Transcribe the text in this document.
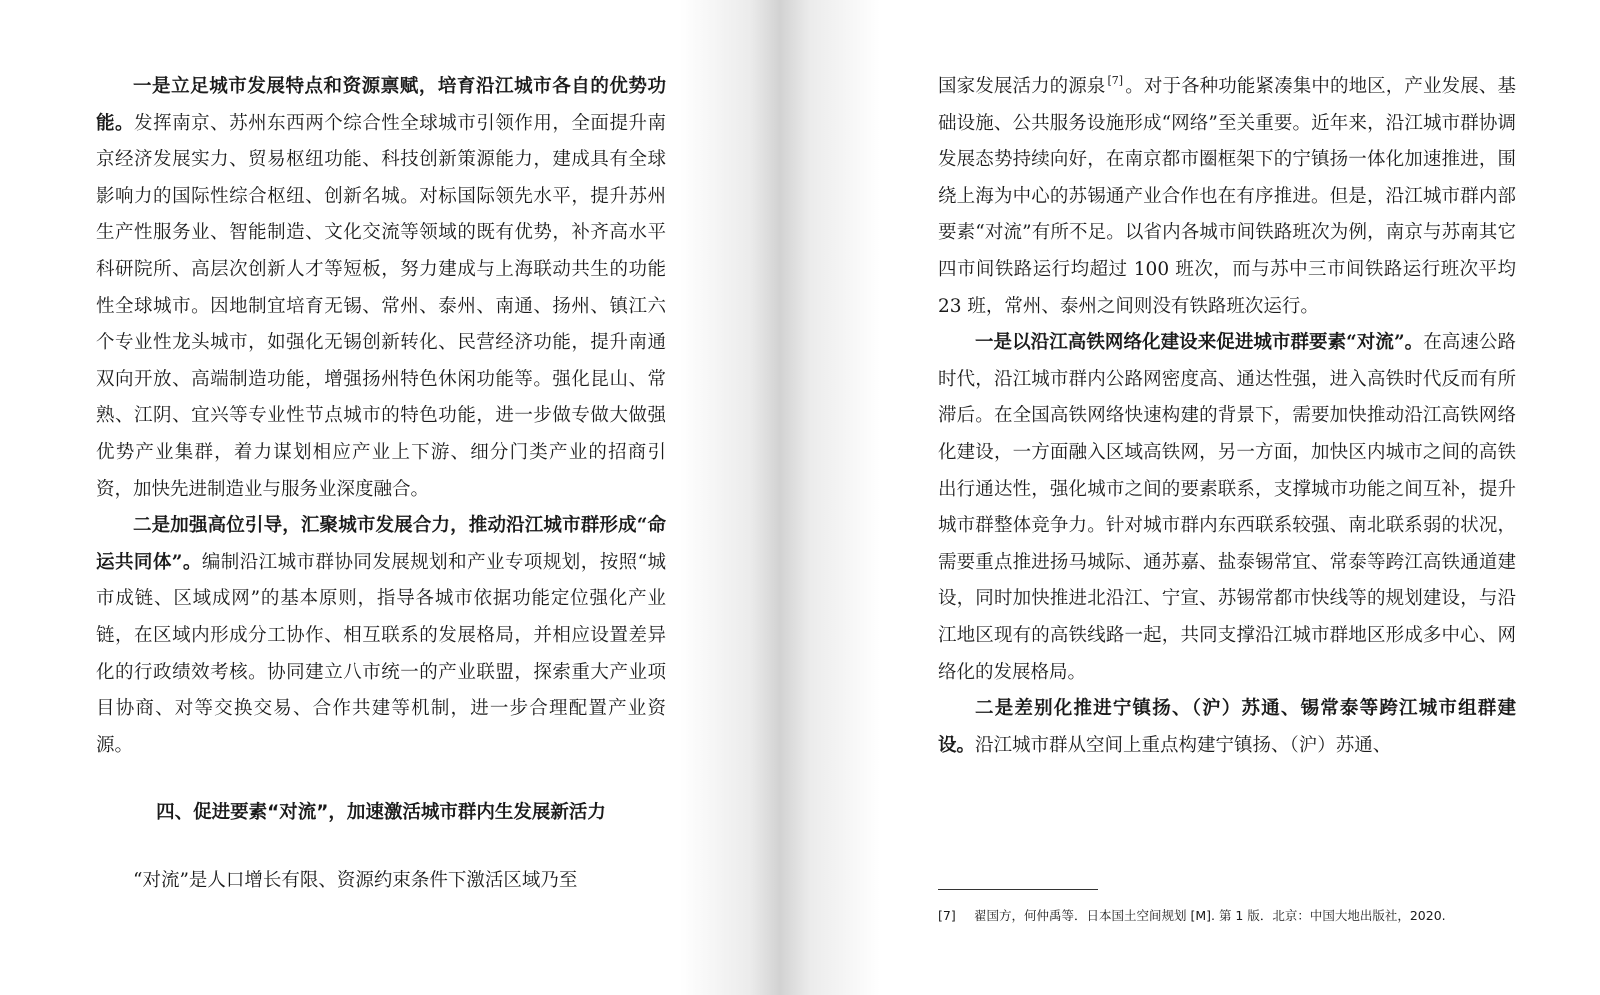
一是立足城市发展特点和资源禀赋，培育沿江城市各自的优势功能。发挥南京、苏州东西两个综合性全球城市引领作用，全面提升南京经济发展实力、贸易枢纽功能、科技创新策源能力，建成具有全球影响力的国际性综合枢纽、创新名城。对标国际领先水平，提升苏州生产性服务业、智能制造、文化交流等领域的既有优势，补齐高水平科研院所、高层次创新人才等短板，努力建成与上海联动共生的功能性全球城市。因地制宜培育无锡、常州、泰州、南通、扬州、镇江六个专业性龙头城市，如强化无锡创新转化、民营经济功能，提升南通双向开放、高端制造功能，增强扬州特色休闲功能等。强化昆山、常熟、江阴、宜兴等专业性节点城市的特色功能，进一步做专做大做强优势产业集群，着力谋划相应产业上下游、细分门类产业的招商引资，加快先进制造业与服务业深度融合。

二是加强高位引导，汇聚城市发展合力，推动沿江城市群形成“命运共同体”。编制沿江城市群协同发展规划和产业专项规划，按照“城市成链、区域成网”的基本原则，指导各城市依据功能定位强化产业链，在区域内形成分工协作、相互联系的发展格局，并相应设置差异化的行政绩效考核。协同建立八市统一的产业联盟，探索重大产业项目协商、对等交换交易、合作共建等机制，进一步合理配置产业资源。

四、促进要素“对流”，加速激活城市群内生发展新活力

“对流”是人口增长有限、资源约束条件下激活区域乃至

国家发展活力的源泉 [7] 。对于各种功能紧凑集中的地区，产业发展、基础设施、公共服务设施形成“网络”至关重要。近年来，沿江城市群协调发展态势持续向好，在南京都市圈框架下的宁镇扬一体化加速推进，围绕上海为中心的苏锡通产业合作也在有序推进。但是，沿江城市群内部要素“对流”有所不足。以省内各城市间铁路班次为例，南京与苏南其它四市间铁路运行均超过 100 班次，而与苏中三市间铁路运行班次平均 23 班，常州、泰州之间则没有铁路班次运行。

一是以沿江高铁网络化建设来促进城市群要素“对流”。在高速公路时代，沿江城市群内公路网密度高、通达性强，进入高铁时代反而有所滞后。在全国高铁网络快速构建的背景下，需要加快推动沿江高铁网络化建设，一方面融入区域高铁网，另一方面，加快区内城市之间的高铁出行通达性，强化城市之间的要素联系，支撑城市功能之间互补，提升城市群整体竞争力。针对城市群内东西联系较强、南北联系弱的状况，需要重点推进扬马城际、通苏嘉、盐泰锡常宜、常泰等跨江高铁通道建设，同时加快推进北沿江、宁宣、苏锡常都市快线等的规划建设，与沿江地区现有的高铁线路一起，共同支撑沿江城市群地区形成多中心、网络化的发展格局。

二是差别化推进宁镇扬、（沪）苏通、锡常泰等跨江城市组群建设。沿江城市群从空间上重点构建宁镇扬、（沪）苏通、

[7] 翟国方，何仲禹等．日本国土空间规划 [M]. 第 1 版．北京：中国大地出版社，2020.
